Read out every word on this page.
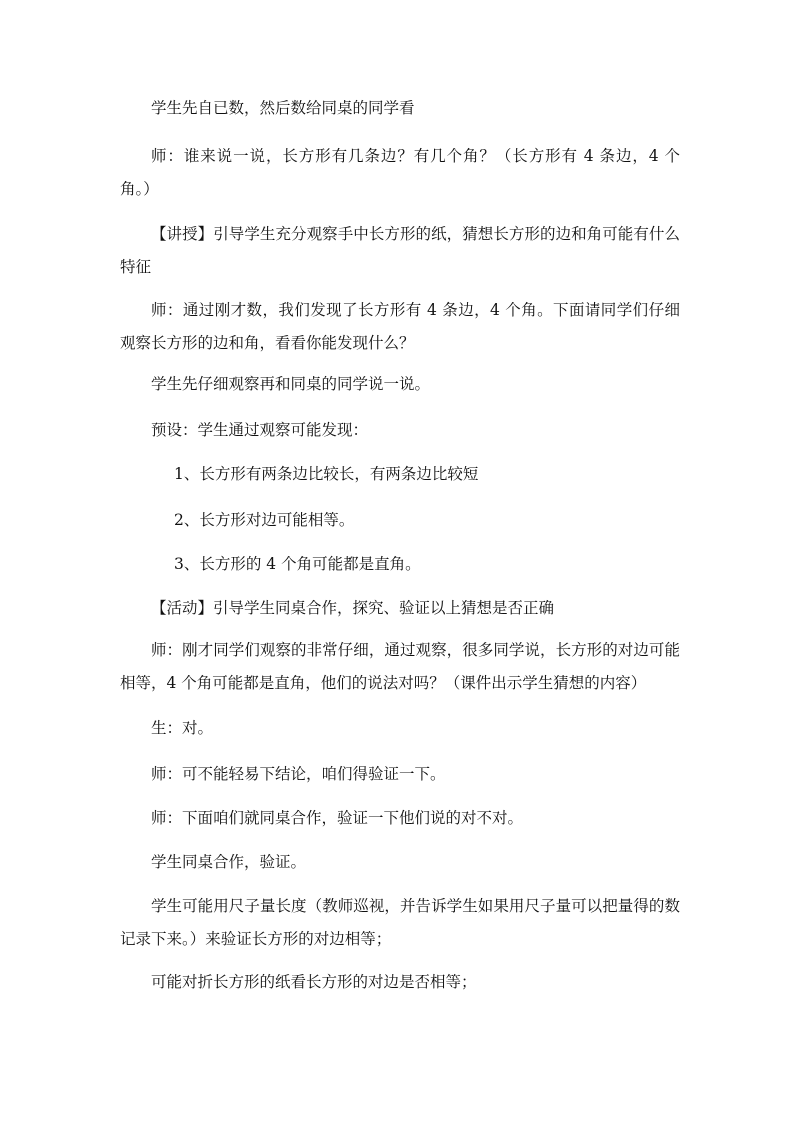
学生先自已数，然后数给同桌的同学看

师：谁来说一说，长方形有几条边？有几个角？（长方形有 4 条边，4 个角。）

【讲授】引导学生充分观察手中长方形的纸，猜想长方形的边和角可能有什么特征

师：通过刚才数，我们发现了长方形有 4 条边，4 个角。下面请同学们仔细观察长方形的边和角，看看你能发现什么？

学生先仔细观察再和同桌的同学说一说。

预设：学生通过观察可能发现：

1、长方形有两条边比较长，有两条边比较短

2、长方形对边可能相等。

3、长方形的 4 个角可能都是直角。

【活动】引导学生同桌合作，探究、验证以上猜想是否正确

师：刚才同学们观察的非常仔细，通过观察，很多同学说，长方形的对边可能相等，4 个角可能都是直角，他们的说法对吗？（课件出示学生猜想的内容）

生：对。

师：可不能轻易下结论，咱们得验证一下。

师：下面咱们就同桌合作，验证一下他们说的对不对。

学生同桌合作，验证。

学生可能用尺子量长度（教师巡视，并告诉学生如果用尺子量可以把量得的数记录下来。）来验证长方形的对边相等；

可能对折长方形的纸看长方形的对边是否相等；
